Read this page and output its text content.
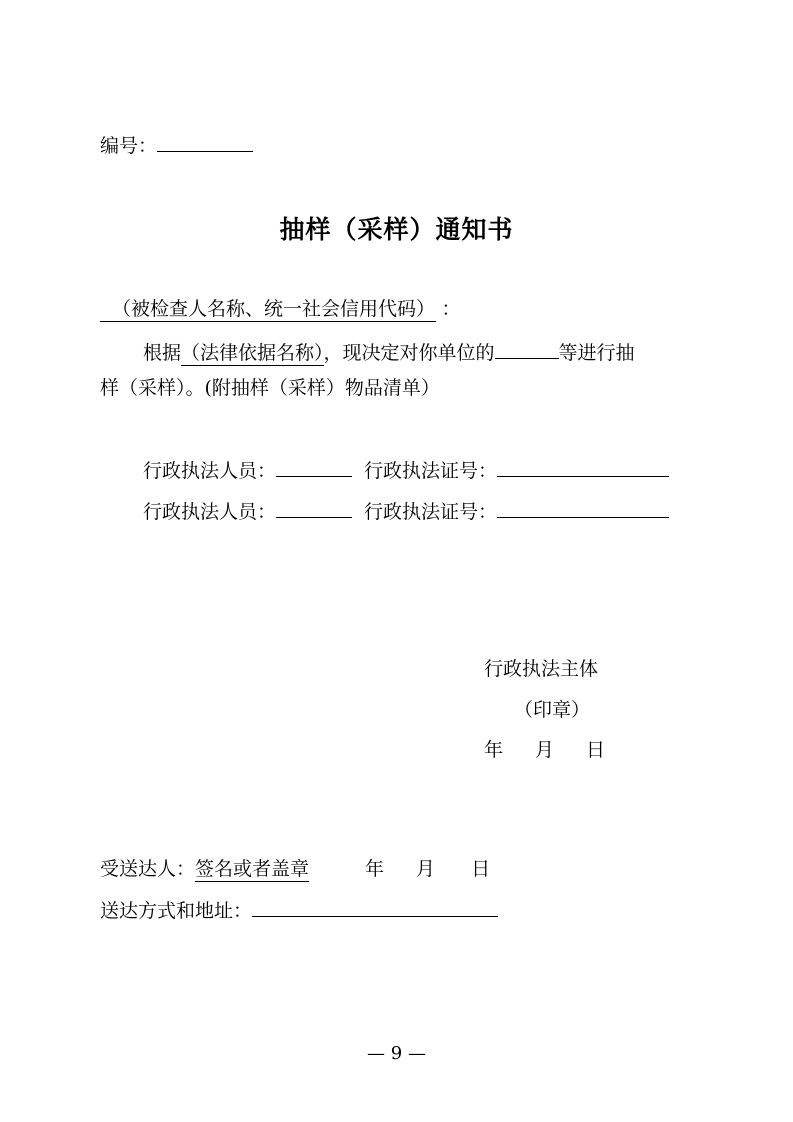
编号：
抽样（采样）通知书
（被检查人名称、统一社会信用代码） ：
根据（法律依据名称），现决定对你单位的	等进行抽
样（采样）。(附抽样（采样）物品清单）
行政执法人员：	行政执法证号：
行政执法人员：	行政执法证号：
行政执法主体
（印章）
年 月 日
受送达人：签名或者盖章	年 月 日
送达方式和地址：
— 9 —
